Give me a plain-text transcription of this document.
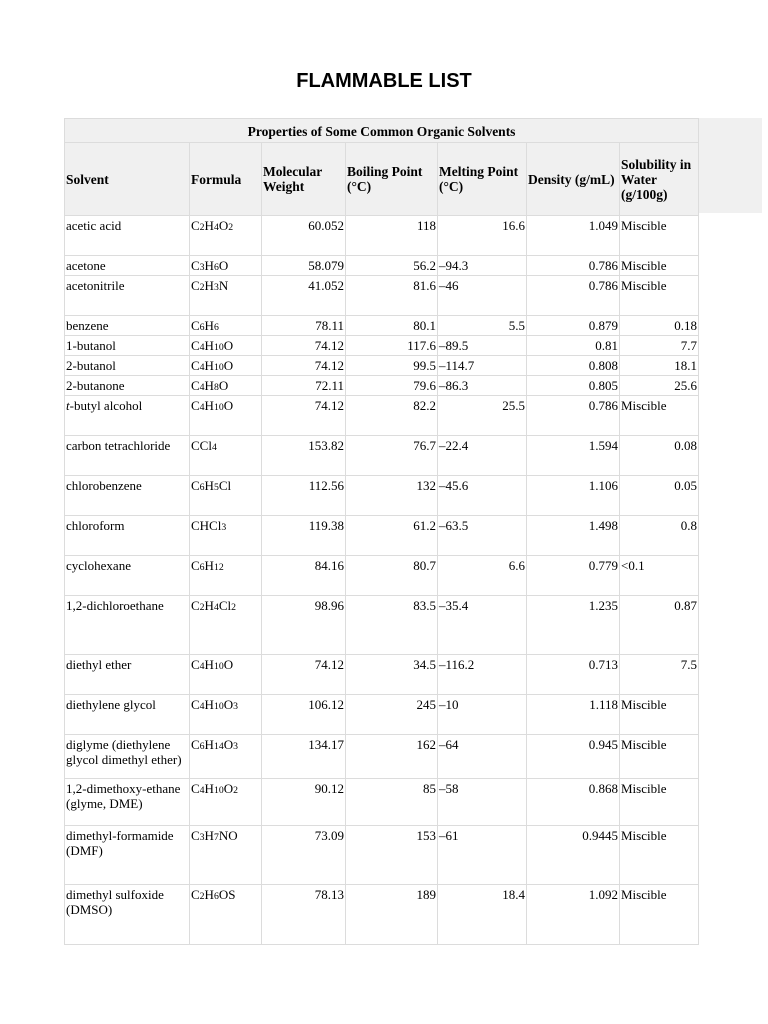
FLAMMABLE LIST
Properties of Some Common Organic Solvents						
Solvent	Formula	Molecular Weight	Boiling Point (°C)	Melting Point (°C)	Density (g/mL)	Solubility in Water (g/100g)
acetic acid	C2H4O2	60.052	118	16.6	1.049	Miscible
acetone	C3H6O	58.079	56.2	–94.3	0.786	Miscible
acetonitrile	C2H3N	41.052	81.6	–46	0.786	Miscible
benzene	C6H6	78.11	80.1	5.5	0.879	0.18
1-butanol	C4H10O	74.12	117.6	–89.5	0.81	7.7
2-butanol	C4H10O	74.12	99.5	–114.7	0.808	18.1
2-butanone	C4H8O	72.11	79.6	–86.3	0.805	25.6
t-butyl alcohol	C4H10O	74.12	82.2	25.5	0.786	Miscible
carbon tetrachloride	CCl4	153.82	76.7	–22.4	1.594	0.08
chlorobenzene	C6H5Cl	112.56	132	–45.6	1.106	0.05
chloroform	CHCl3	119.38	61.2	–63.5	1.498	0.8
cyclohexane	C6H12	84.16	80.7	6.6	0.779	<0.1
1,2-dichloroethane	C2H4Cl2	98.96	83.5	–35.4	1.235	0.87
diethyl ether	C4H10O	74.12	34.5	–116.2	0.713	7.5
diethylene glycol	C4H10O3	106.12	245	–10	1.118	Miscible
diglyme (diethylene glycol dimethyl ether)	C6H14O3	134.17	162	–64	0.945	Miscible
1,2-dimethoxy-ethane (glyme, DME)	C4H10O2	90.12	85	–58	0.868	Miscible
dimethyl-formamide (DMF)	C3H7NO	73.09	153	–61	0.9445	Miscible
dimethyl sulfoxide (DMSO)	C2H6OS	78.13	189	18.4	1.092	Miscible
